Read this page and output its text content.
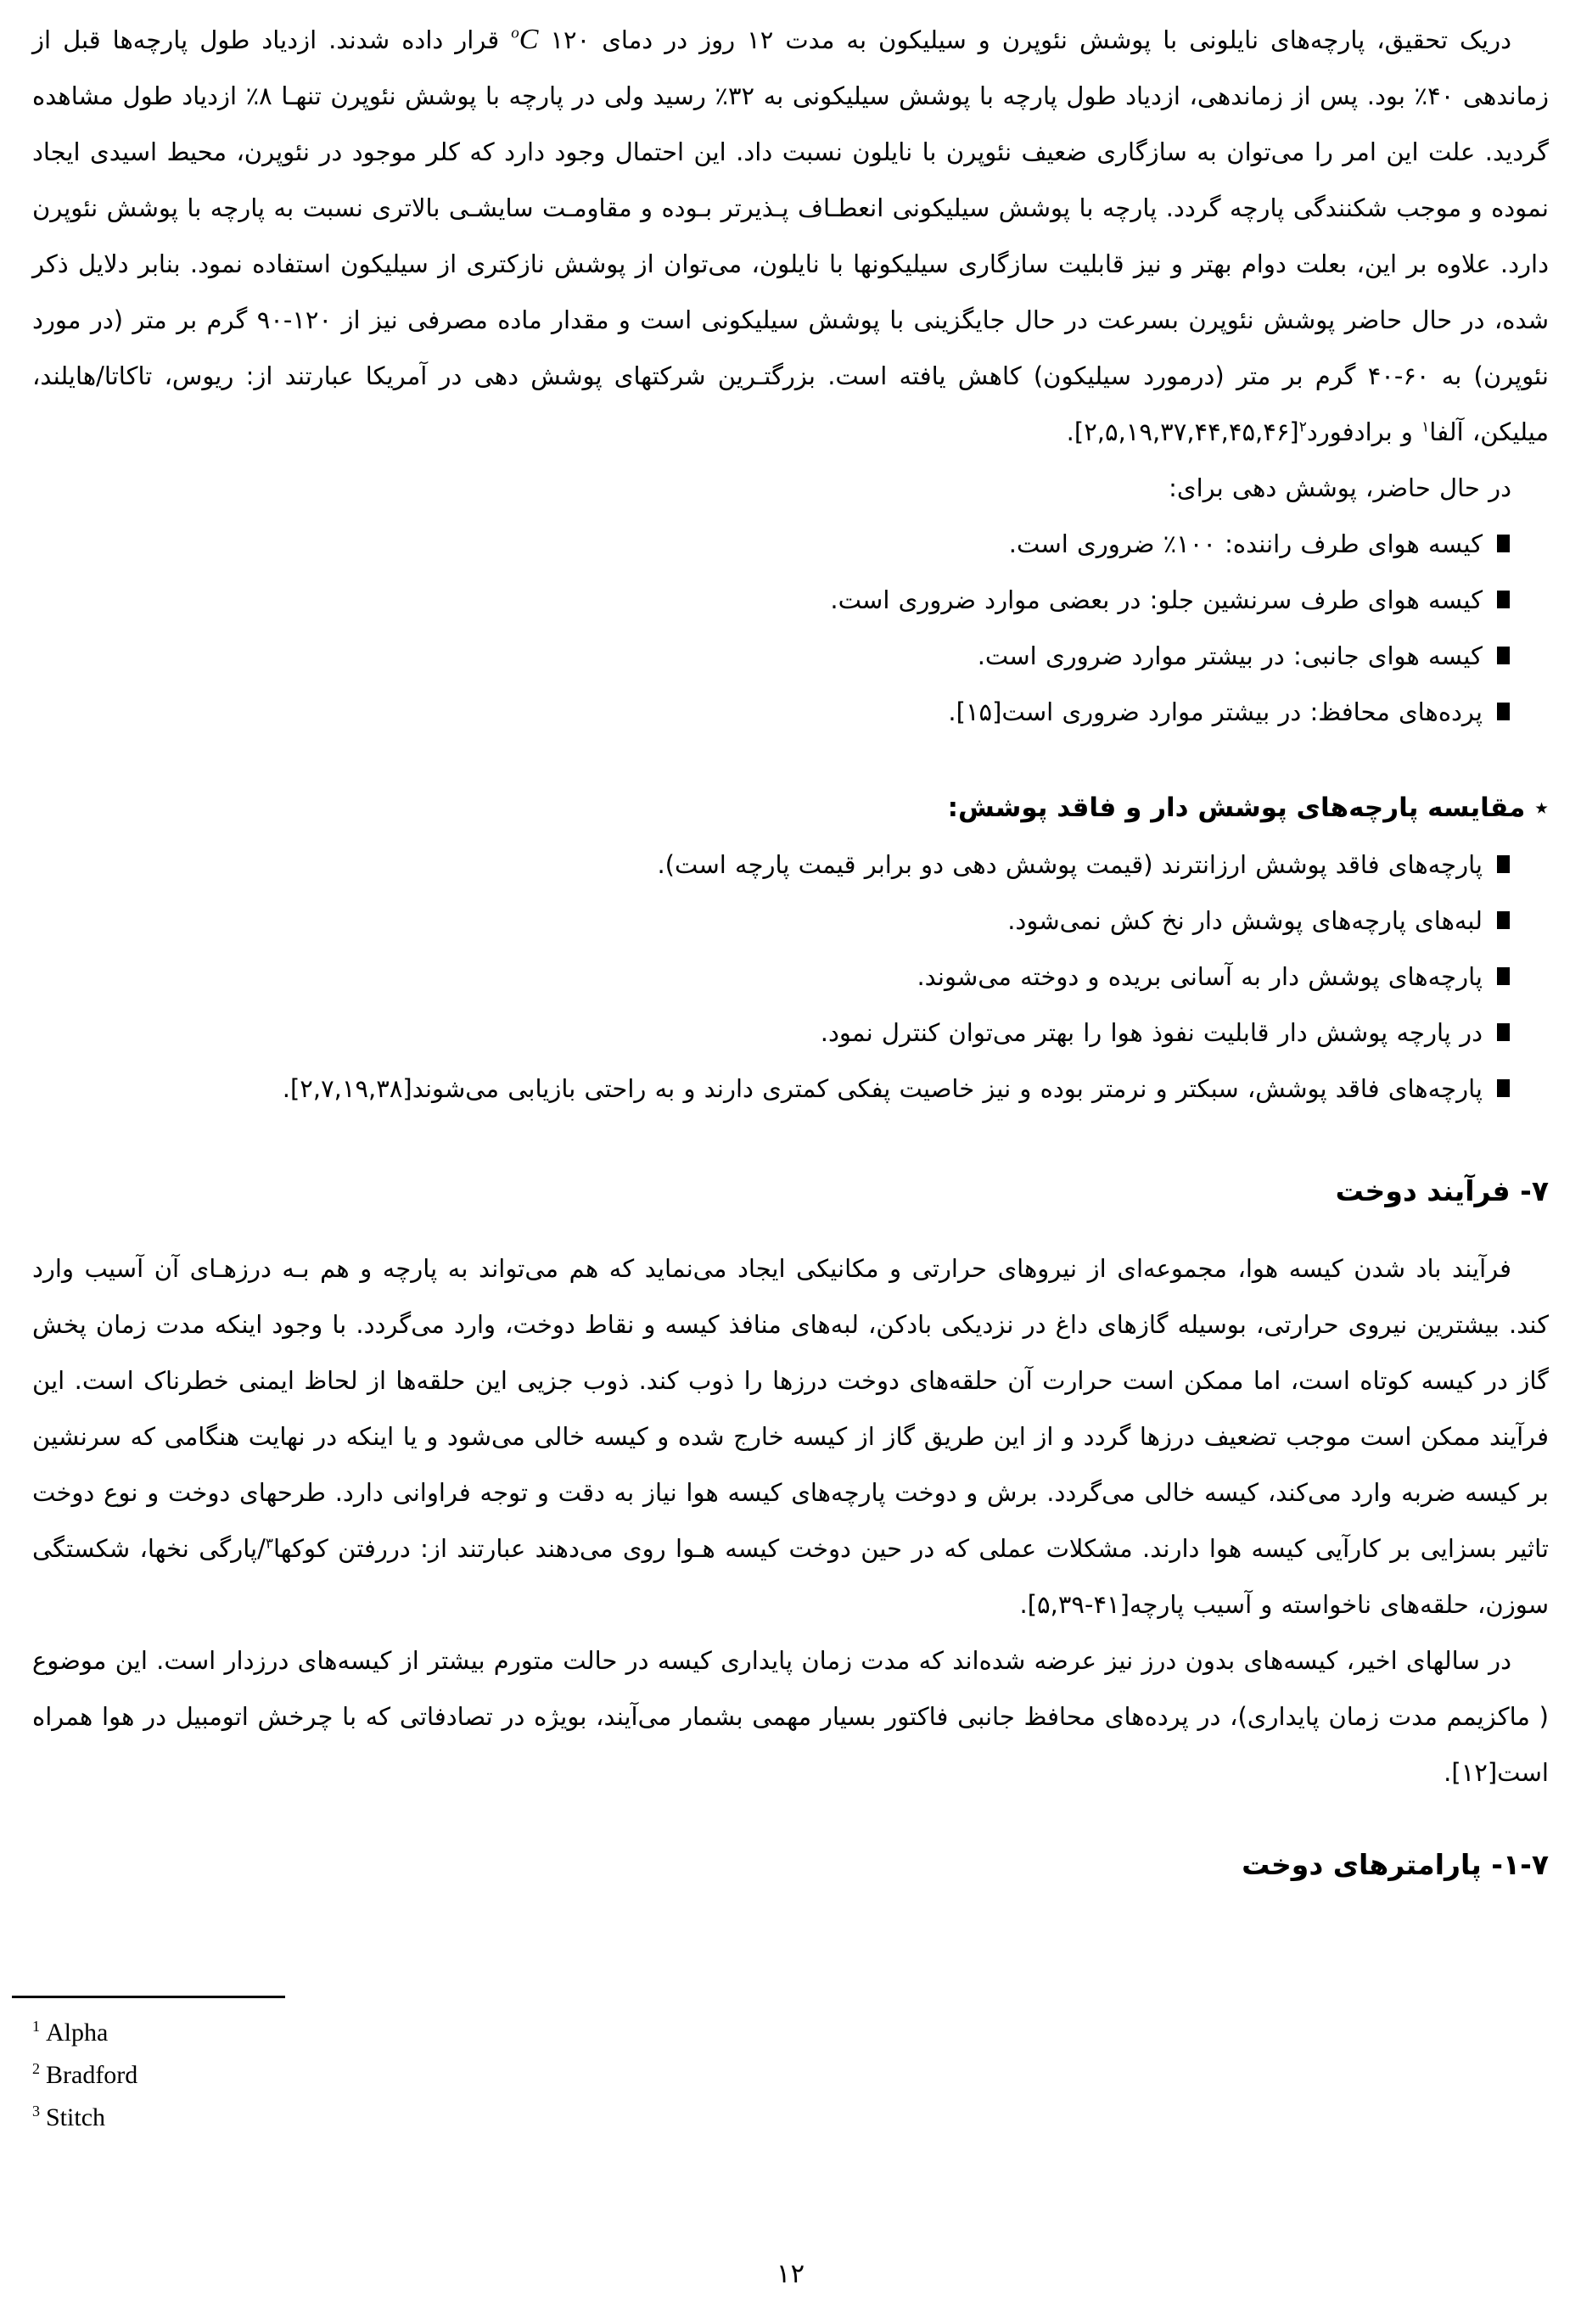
دریک تحقیق، پارچه‌های نایلونی با پوشش نئوپرن و سیلیکون به مدت ۱۲ روز در دمای ۱۲۰ $^o$C قرار داده شدند. ازدیاد طول پارچه‌ها قبل از زماندهی ۴۰٪ بود. پس از زماندهی، ازدیاد طول پارچه با پوشش سیلیکونی به ۳۲٪ رسید ولی در پارچه با پوشش نئوپرن تنهـا ۸٪ ازدیاد طول مشاهده گردید. علت این امر را می‌توان به سازگاری ضعیف نئوپرن با نایلون نسبت داد. این احتمال وجود دارد که کلر موجود در نئوپرن، محیط اسیدی ایجاد نموده و موجب شکنندگی پارچه گردد. پارچه با پوشش سیلیکونی انعطـاف پـذیرتر بـوده و مقاومـت سایشـی بالاتری نسبت به پارچه با پوشش نئوپرن دارد. علاوه بر این، بعلت دوام بهتر و نیز قابلیت سازگاری سیلیکونها با نایلون، می‌توان از پوشش نازکتری از سیلیکون استفاده نمود. بنابر دلایل ذکر شده، در حال حاضر پوشش نئوپرن بسرعت در حال جایگزینی با پوشش سیلیکونی است و مقدار ماده مصرفی نیز از ۹۰-۱۲۰ گرم بر متر (در مورد نئوپرن) به ۴۰-۶۰ گرم بر متر (درمورد سیلیکون) کاهش یافته است. بزرگتـرین شرکتهای پوشش دهی در آمریکا عبارتند از: ریوس، تاکاتا/هایلند، میلیکن، آلفا$^۱$ و برادفورد$^۲$[۲,۵,۱۹,۳۷,۴۴,۴۵,۴۶].

در حال حاضر، پوشش دهی برای:

کیسه هوای طرف راننده: ۱۰۰٪ ضروری است.
کیسه هوای طرف سرنشین جلو: در بعضی موارد ضروری است.
کیسه هوای جانبی: در بیشتر موارد ضروری است.
پرده‌های محافظ: در بیشتر موارد ضروری است[۱۵].
٭ مقایسه پارچه‌های پوشش دار و فاقد پوشش:
پارچه‌های فاقد پوشش ارزانترند (قیمت پوشش دهی دو برابر قیمت پارچه است).
لبه‌های پارچه‌های پوشش دار نخ کش نمی‌شود.
پارچه‌های پوشش دار به آسانی بریده و دوخته می‌شوند.
در پارچه پوشش دار قابلیت نفوذ هوا را بهتر می‌توان کنترل نمود.
پارچه‌های فاقد پوشش، سبکتر و نرمتر بوده و نیز خاصیت پفکی کمتری دارند و به راحتی بازیابی می‌شوند[۲,۷,۱۹,۳۸].
۷‏- فرآیند دوخت

فرآیند باد شدن کیسه هوا، مجموعه‌ای از نیروهای حرارتی و مکانیکی ایجاد می‌نماید که هم می‌تواند به پارچه و هم بـه درزهـای آن آسیب وارد کند. بیشترین نیروی حرارتی، بوسیله گازهای داغ در نزدیکی بادکن، لبه‌های منافذ کیسه و نقاط دوخت، وارد می‌گردد. با وجود اینکه مدت زمان پخش گاز در کیسه کوتاه است، اما ممکن است حرارت آن حلقه‌های دوخت درزها را ذوب کند. ذوب جزیی این حلقه‌ها از لحاظ ایمنی خطرناک است. این فرآیند ممکن است موجب تضعیف درزها گردد و از این طریق گاز از کیسه خارج شده و کیسه خالی می‌شود و یا اینکه در نهایت هنگامی که سرنشین بر کیسه ضربه وارد می‌کند، کیسه خالی می‌گردد. برش و دوخت پارچه‌های کیسه هوا نیاز به دقت و توجه فراوانی دارد. طرحهای دوخت و نوع دوخت تاثیر بسزایی بر کارآیی کیسه هوا دارند. مشکلات عملی که در حین دوخت کیسه هـوا روی می‌دهند عبارتند از: دررفتن کوکها$^۳$/پارگی نخها، شکستگی سوزن، حلقه‌های ناخواسته و آسیب پارچه[۵,۳۹-۴۱].

در سالهای اخیر، کیسه‌های بدون درز نیز عرضه شده‌اند که مدت زمان پایداری کیسه در حالت متورم بیشتر از کیسه‌های درزدار است. این موضوع ( ماکزیمم مدت زمان پایداری)، در پرده‌های محافظ جانبی فاکتور بسیار مهمی بشمار می‌آیند، بویژه در تصادفاتی که با چرخش اتومبیل در هوا همراه است[۱۲].

۷‏-‏۱‏- پارامترهای دوخت
$^1$ Alpha
$^2$ Bradford
$^3$ Stitch
۱۲
